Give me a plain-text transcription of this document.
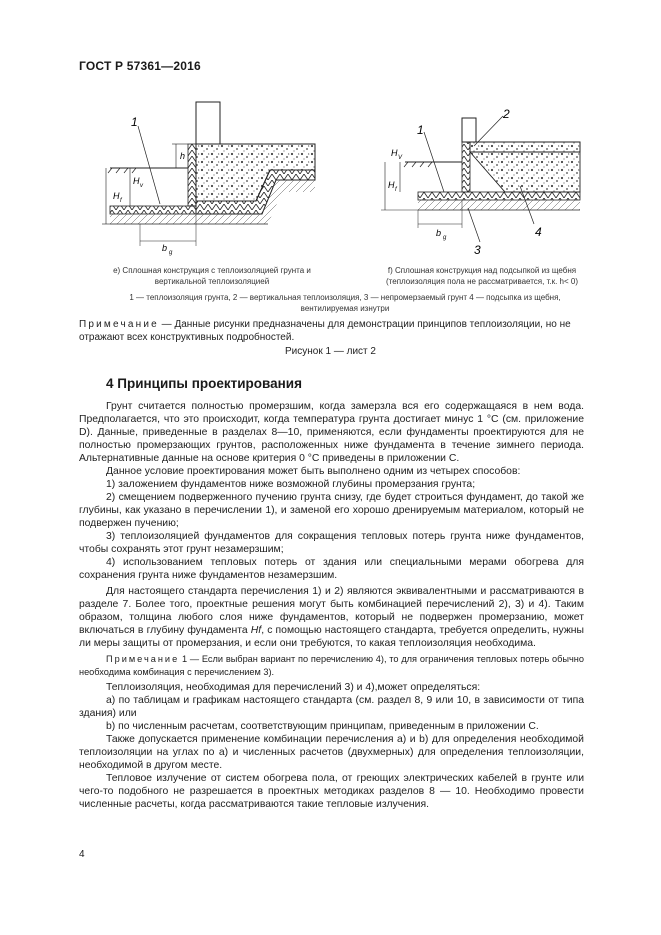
ГОСТ Р 57361—2016
1
h
H v
H f
b g
1
2
3
4
H V
H f
b g
е) Сплошная конструкция с теплоизоляцией грунта и
вертикальной теплоизоляцией
f) Сплошная конструкция над подсыпкой из щебня
(теплоизоляция пола не рассматривается, т.к. h< 0)
1 — теплоизоляция грунта, 2 — вертикальная теплоизоляция, 3 — непромерзаемый грунт 4 — подсыпка из щебня,
вентилируемая изнутри
Примечание — Данные рисунки предназначены для демонстрации принципов теплоизоляции, но не отражают всех конструктивных подробностей.
Рисунок 1 — лист 2
4 Принципы проектирования

Грунт считается полностью промерзшим, когда замерзла вся его содержащаяся в нем вода. Предполагается, что это происходит, когда температура грунта достигает минус 1 °С (см. приложение D). Данные, приведенные в разделах 8—10, применяются, если фундаменты проектируются для не полностью промерзающих грунтов, расположенных ниже фундамента в течение зимнего периода. Альтернативные данные на основе критерия 0 °С приведены в приложении С.

Данное условие проектирования может быть выполнено одним из четырех способов:

1) заложением фундаментов ниже возможной глубины промерзания грунта;

2) смещением подверженного пучению грунта снизу, где будет строиться фундамент, до такой же глубины, как указано в перечислении 1), и заменой его хорошо дренируемым материалом, который не подвержен пучению;

3) теплоизоляцией фундаментов для сокращения тепловых потерь грунта ниже фундаментов, чтобы сохранять этот грунт незамерзшим;

4) использованием тепловых потерь от здания или специальными мерами обогрева для сохранения грунта ниже фундаментов незамерзшим.

Для настоящего стандарта перечисления 1) и 2) являются эквивалентными и рассматриваются в разделе 7. Более того, проектные решения могут быть комбинацией перечислений 2), 3) и 4). Таким образом, толщина любого слоя ниже фундаментов, который не подвержен промерзанию, может включаться в глубину фундамента Hf, с помощью настоящего стандарта, требуется определить, нужны ли меры защиты от промерзания, и если они требуются, то какая теплоизоляция необходима.

Примечание 1 — Если выбран вариант по перечислению 4), то для ограничения тепловых потерь обычно необходима комбинация с перечислением 3).

Теплоизоляция, необходимая для перечислений 3) и 4),может определяться:

a) по таблицам и графикам настоящего стандарта (см. раздел 8, 9 или 10, в зависимости от типа здания) или

b) по численным расчетам, соответствующим принципам, приведенным в приложении С.

Также допускается применение комбинации перечисления a) и b) для определения необходимой теплоизоляции на углах по a) и численных расчетов (двухмерных) для определения теплоизоляции, необходимой в другом месте.

Тепловое излучение от систем обогрева пола, от греющих электрических кабелей в грунте или чего-то подобного не разрешается в проектных методиках разделов 8 — 10. Необходимо провести численные расчеты, когда рассматриваются такие тепловые излучения.

4
